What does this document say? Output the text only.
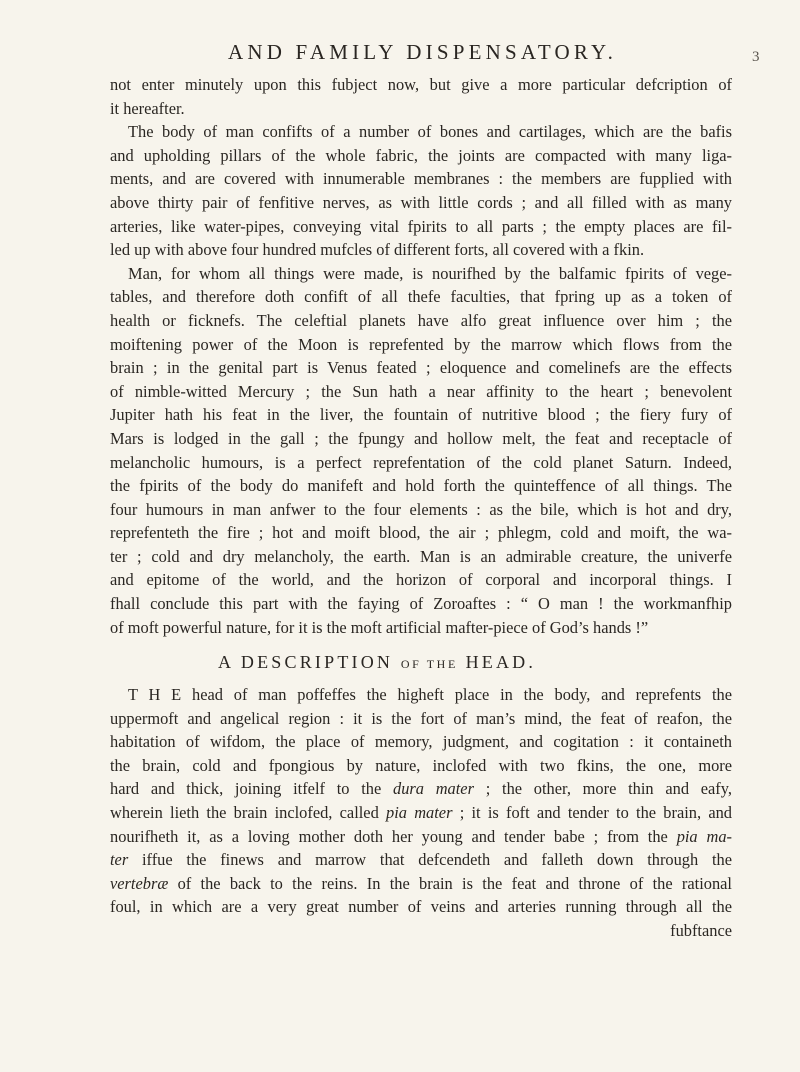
AND FAMILY DISPENSATORY.	3
not enter minutely upon this fubject now, but give a more particular defcription of
it hereafter.
The body of man confifts of a number of bones and cartilages, which are the bafis
and upholding pillars of the whole fabric, the joints are compacted with many liga-
ments, and are covered with innumerable membranes : the members are fupplied with
above thirty pair of fenfitive nerves, as with little cords ; and all filled with as many
arteries, like water-pipes, conveying vital fpirits to all parts ; the empty places are fil-
led up with above four hundred mufcles of different forts, all covered with a fkin.
Man, for whom all things were made, is nourifhed by the balfamic fpirits of vege-
tables, and therefore doth confift of all thefe faculties, that fpring up as a token of
health or ficknefs. The celeftial planets have alfo great influence over him ; the
moiftening power of the Moon is reprefented by the marrow which flows from the
brain ; in the genital part is Venus feated ; eloquence and comelinefs are the effects
of nimble-witted Mercury ; the Sun hath a near affinity to the heart ; benevolent
Jupiter hath his feat in the liver, the fountain of nutritive blood ; the fiery fury of
Mars is lodged in the gall ; the fpungy and hollow melt, the feat and receptacle of
melancholic humours, is a perfect reprefentation of the cold planet Saturn. Indeed,
the fpirits of the body do manifeft and hold forth the quinteffence of all things. The
four humours in man anfwer to the four elements : as the bile, which is hot and dry,
reprefenteth the fire ; hot and moift blood, the air ; phlegm, cold and moift, the wa-
ter ; cold and dry melancholy, the earth. Man is an admirable creature, the univerfe
and epitome of the world, and the horizon of corporal and incorporal things. I
fhall conclude this part with the faying of Zoroaftes : “ O man ! the workmanfhip
of moft powerful nature, for it is the moft artificial mafter-piece of God’s hands !”
A DESCRIPTION OF THE HEAD.
T H E head of man poffeffes the higheft place in the body, and reprefents the
uppermoft and angelical region : it is the fort of man’s mind, the feat of reafon, the
habitation of wifdom, the place of memory, judgment, and cogitation : it containeth
the brain, cold and fpongious by nature, inclofed with two fkins, the one, more
hard and thick, joining itfelf to the dura mater ; the other, more thin and eafy,
wherein lieth the brain inclofed, called pia mater ; it is foft and tender to the brain, and
nourifheth it, as a loving mother doth her young and tender babe ; from the pia ma-
ter iffue the finews and marrow that defcendeth and falleth down through the
vertebræ of the back to the reins. In the brain is the feat and throne of the rational
foul, in which are a very great number of veins and arteries running through all the
fubftance
